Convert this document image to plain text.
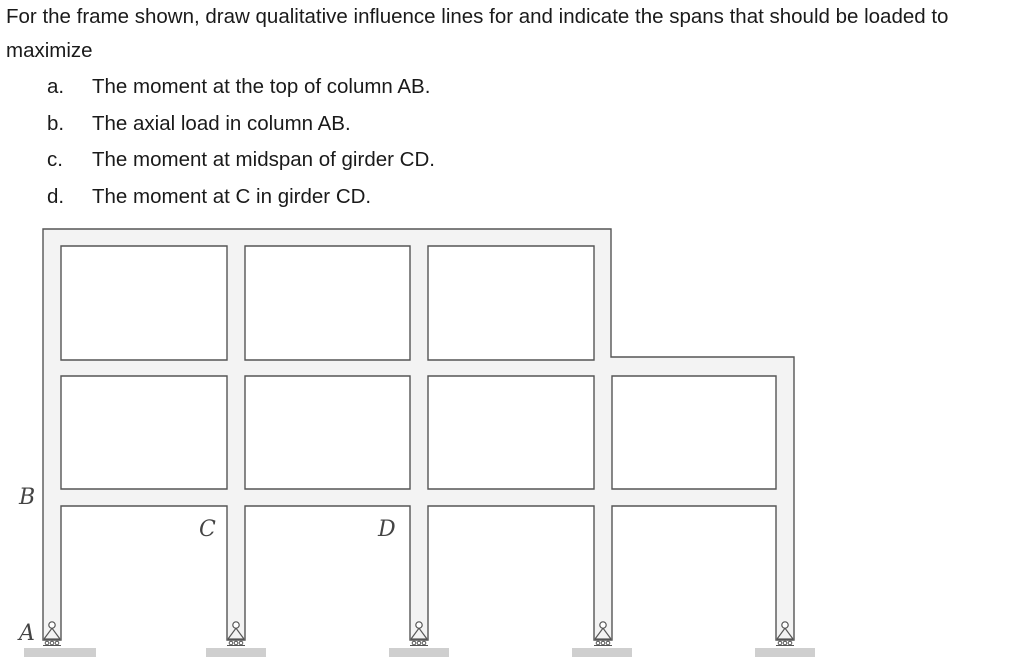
For the frame shown, draw qualitative influence lines for and indicate the spans that should be loaded to maximize

a. The moment at the top of column AB.
b. The axial load in column AB.
c. The moment at midspan of girder CD.
d. The moment at C in girder CD.
B
A
C	D
